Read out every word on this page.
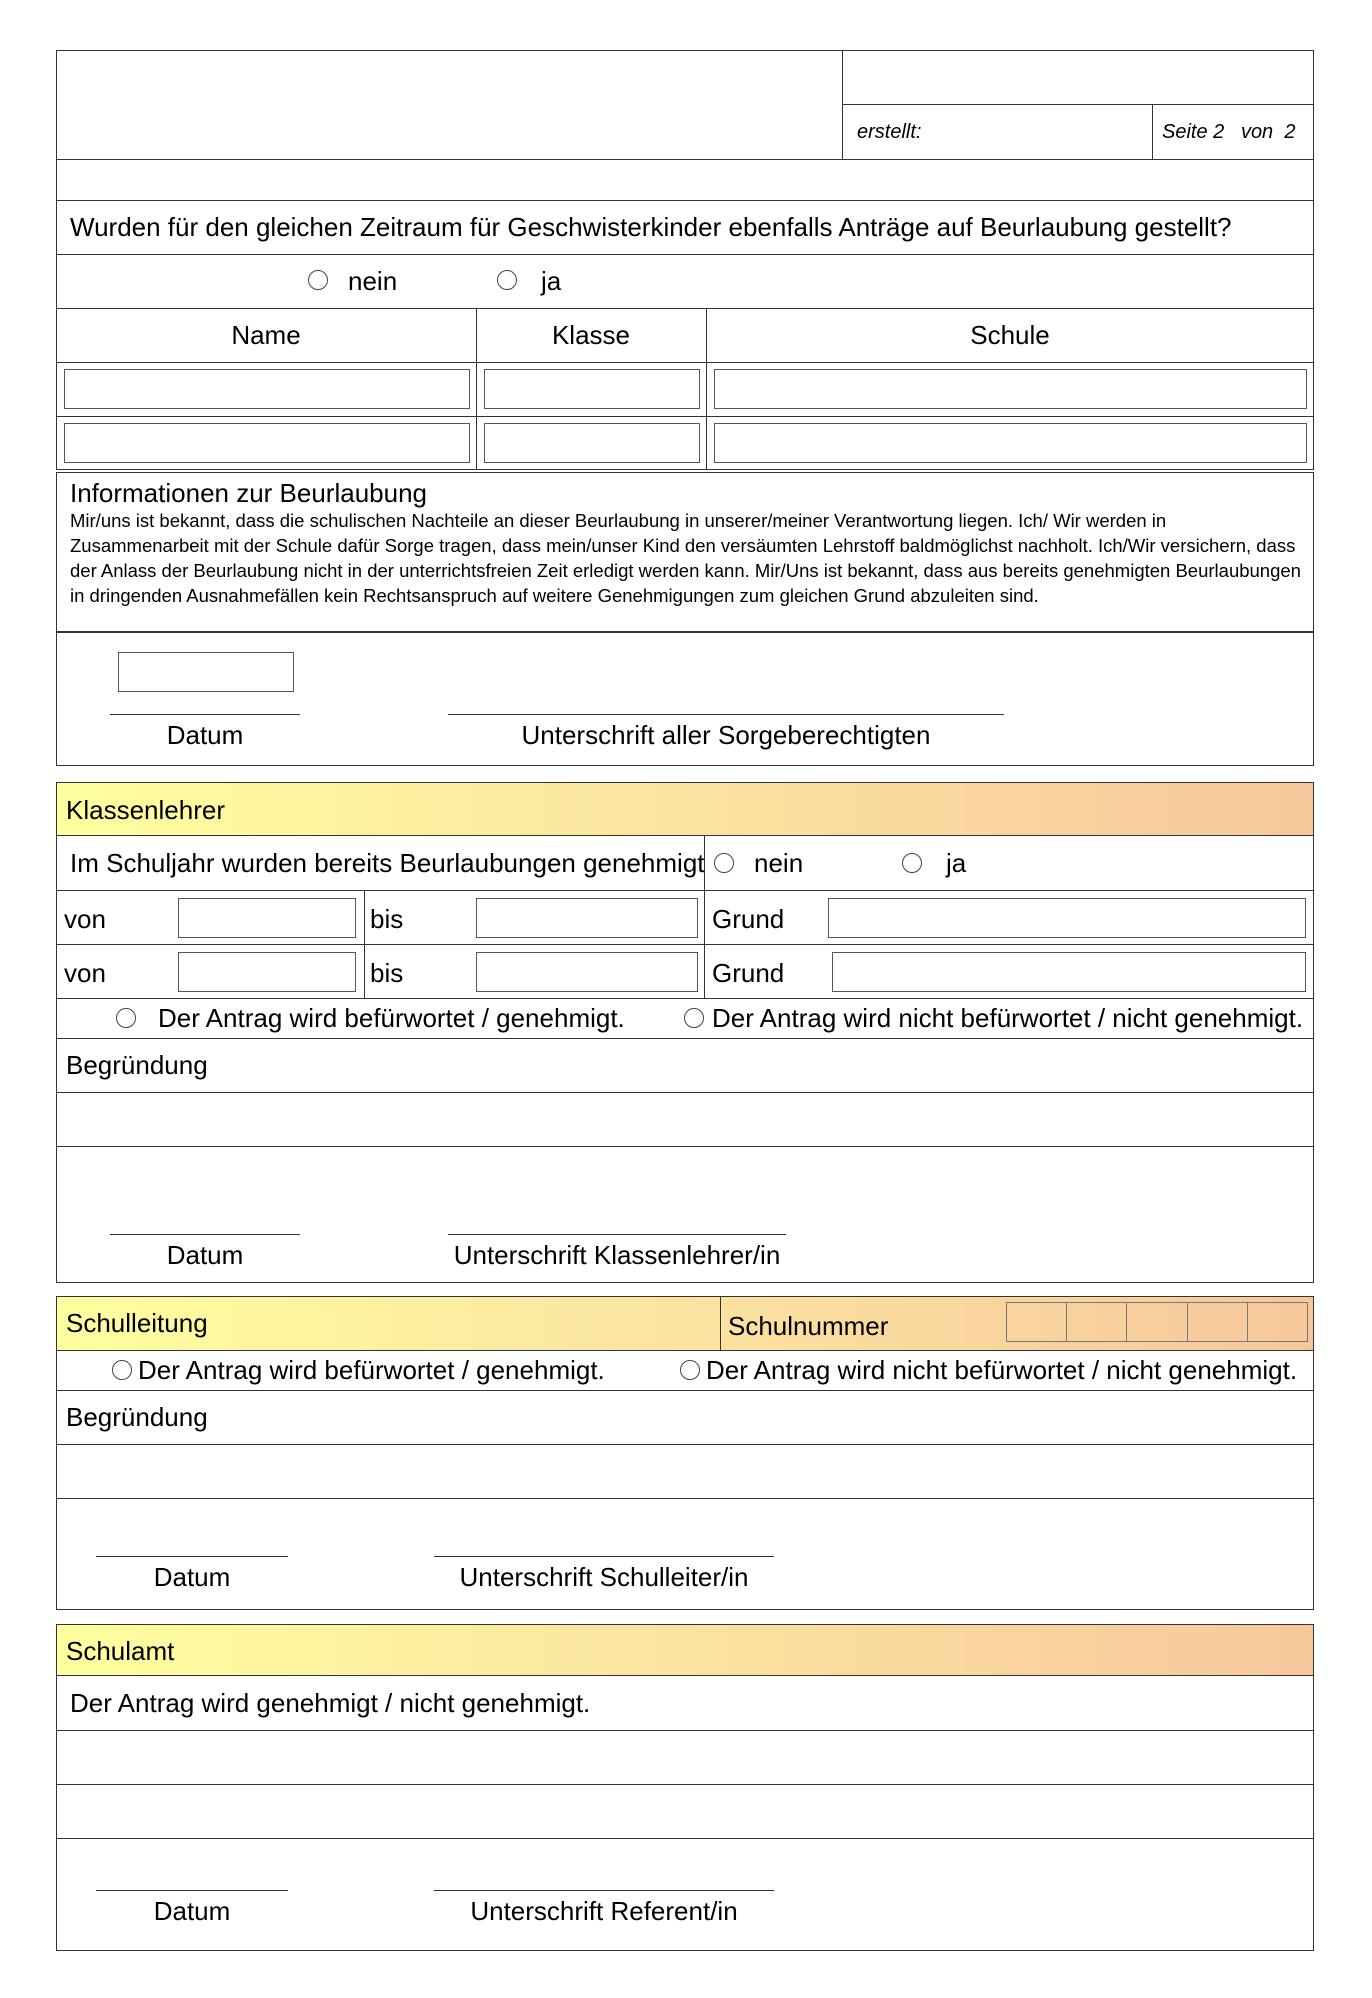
erstellt:	Seite 2 von 2
Wurden für den gleichen Zeitraum für Geschwisterkinder ebenfalls Anträge auf Beurlaubung gestellt?
nein	ja
Name	Klasse	Schule
Informationen zur Beurlaubung
Mir/uns ist bekannt, dass die schulischen Nachteile an dieser Beurlaubung in unserer/meiner Verantwortung liegen. Ich/ Wir werden in Zusammenarbeit mit der Schule dafür Sorge tragen, dass mein/unser Kind den versäumten Lehrstoff baldmöglichst nachholt. Ich/Wir versichern, dass der Anlass der Beurlaubung nicht in der unterrichtsfreien Zeit erledigt werden kann. Mir/Uns ist bekannt, dass aus bereits genehmigten Beurlaubungen in dringenden Ausnahmefällen kein Rechtsanspruch auf weitere Genehmigungen zum gleichen Grund abzuleiten sind.
Datum	Unterschrift aller Sorgeberechtigten
Klassenlehrer
Im Schuljahr wurden bereits Beurlaubungen genehmigt nein	ja
von	bis	Grund
von	bis	Grund
Der Antrag wird befürwortet / genehmigt.	Der Antrag wird nicht befürwortet / nicht genehmigt.
Begründung
Datum	Unterschrift Klassenlehrer/in
Schulleitung	Schulnummer
Der Antrag wird befürwortet / genehmigt.	Der Antrag wird nicht befürwortet / nicht genehmigt.
Begründung
Datum	Unterschrift Schulleiter/in
Schulamt
Der Antrag wird genehmigt / nicht genehmigt.
Datum	Unterschrift Referent/in
